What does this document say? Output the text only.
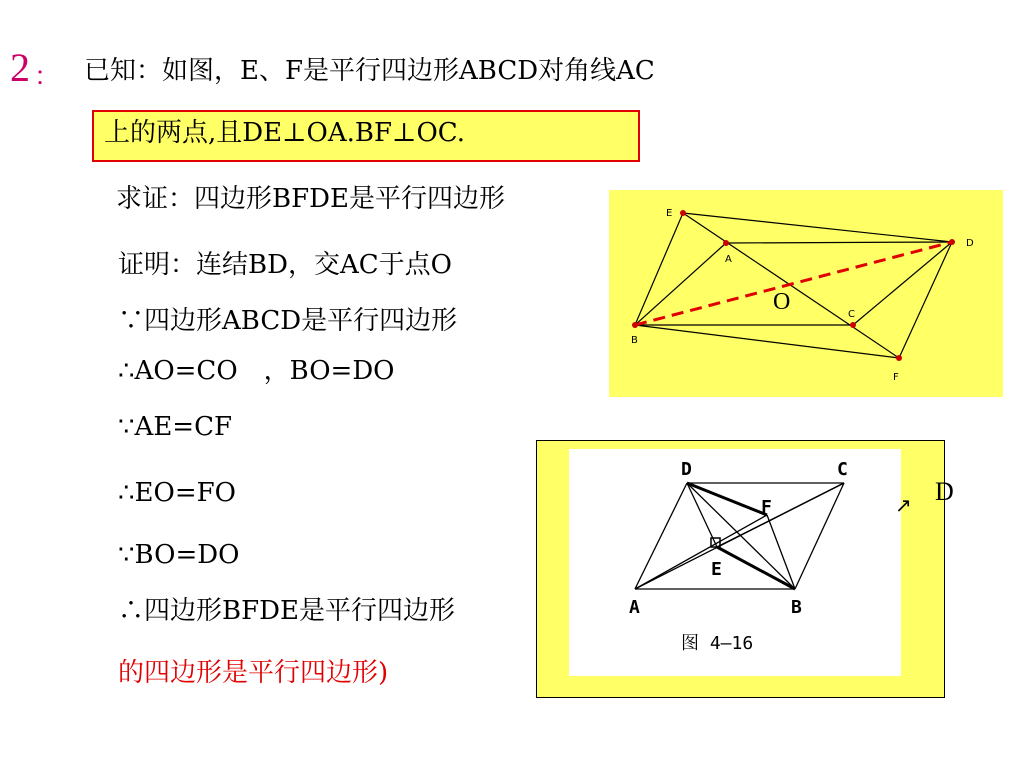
2 ： 已知：如图，E、F是平行四边形ABCD对角线AC
上的两点,且DE⊥OA.BF⊥OC.
求证：四边形BFDE是平行四边形
证明：连结BD，交AC于点O
∵四边形ABCD是平行四边形
∴AO=CO　，BO=DO
∵AE=CF
∴EO=FO
∵BO=DO
∴四边形BFDE是平行四边形
的四边形是平行四边形)
E
A
D
C
B
F
O
D	C
F
E
A	B
图 4—16
D
↗
